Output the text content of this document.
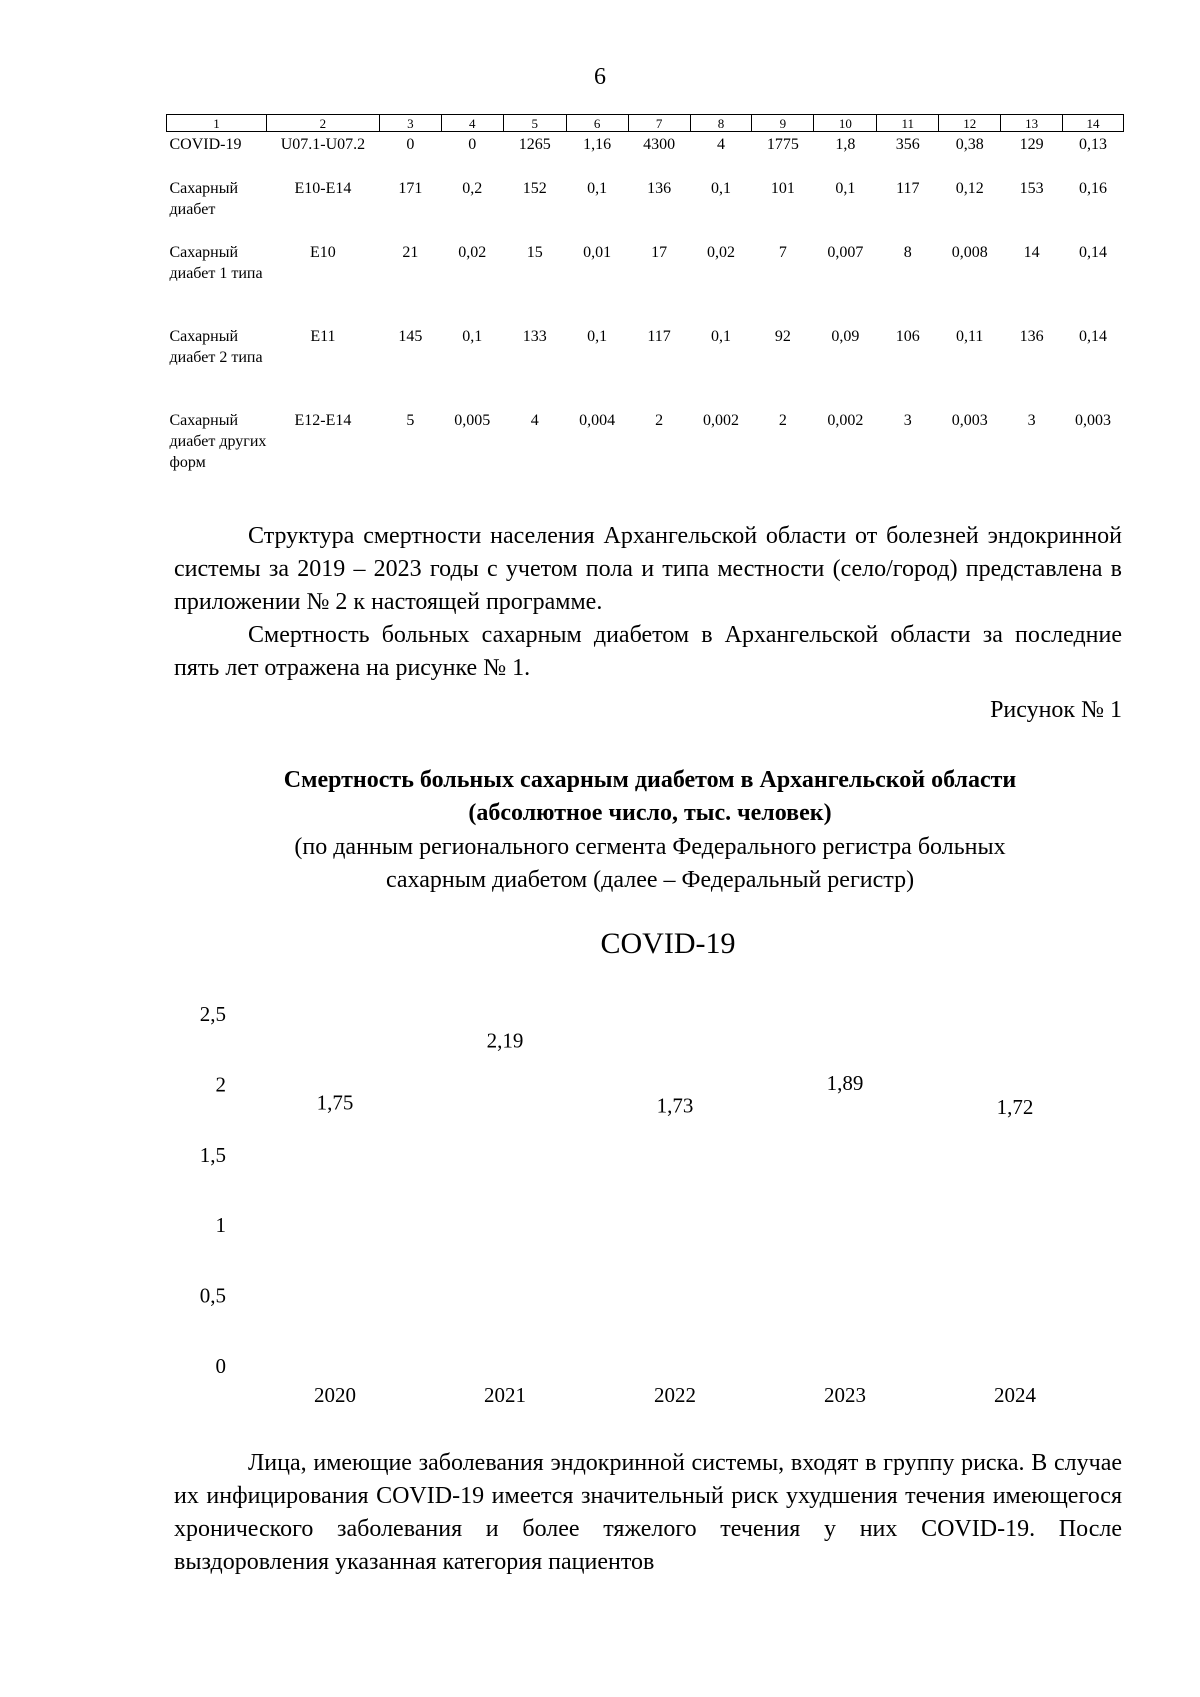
6
1	2	3	4	5	6	7	8	9	10	11	12	13	14
COVID-19	U07.1-U07.2	0	0	1265	1,16	4300	4	1775	1,8	356	0,38	129	0,13
Сахарный диабет	E10-E14	171	0,2	152	0,1	136	0,1	101	0,1	117	0,12	153	0,16
Сахарный диабет 1 типа	E10	21	0,02	15	0,01	17	0,02	7	0,007	8	0,008	14	0,14
Сахарный диабет 2 типа	E11	145	0,1	133	0,1	117	0,1	92	0,09	106	0,11	136	0,14
Сахарный диабет других форм	E12-E14	5	0,005	4	0,004	2	0,002	2	0,002	3	0,003	3	0,003

Структура смертности населения Архангельской области от болезней эндокринной системы за 2019 – 2023 годы с учетом пола и типа местности (село/город) представлена в приложении № 2 к настоящей программе.

Смертность больных сахарным диабетом в Архангельской области за последние пять лет отражена на рисунке № 1.

Рисунок № 1
Смертность больных сахарным диабетом в Архангельской области
(абсолютное число, тыс. человек)
(по данным регионального сегмента Федерального регистра больных
сахарным диабетом (далее – Федеральный регистр)
COVID-19
2,5
2
1,5
1
0,5
0
1,75
2,19
1,73
1,89
1,72
2020	2021	2022	2023	2024

Лица, имеющие заболевания эндокринной системы, входят в группу риска. В случае их инфицирования COVID-19 имеется значительный риск ухудшения течения имеющегося хронического заболевания и более тяжелого течения у них COVID-19. После выздоровления указанная категория пациентов
